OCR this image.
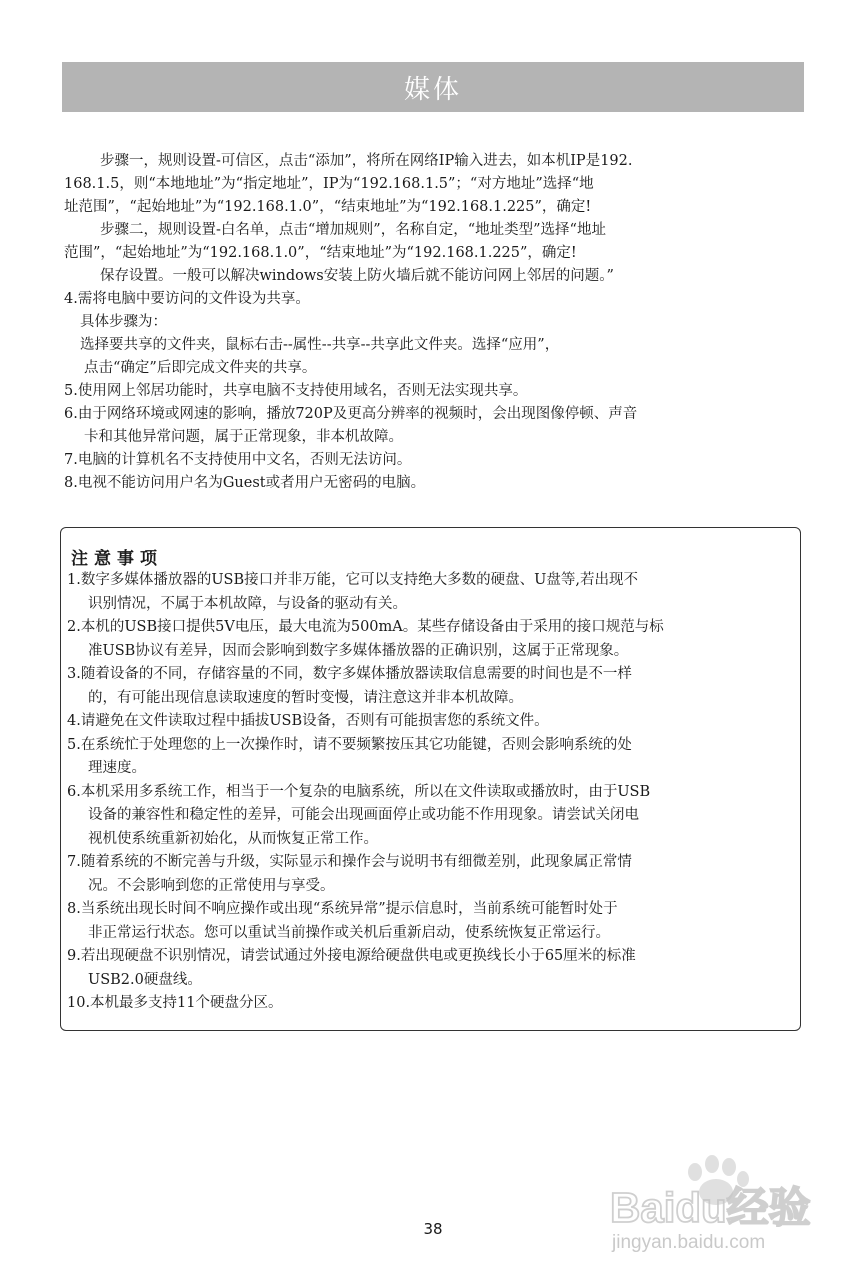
媒体

步骤一，规则设置-可信区，点击“添加”，将所在网络IP输入进去，如本机IP是192.

168.1.5，则“本地地址”为“指定地址”，IP为“192.168.1.5”；“对方地址”选择“地

址范围”，“起始地址”为“192.168.1.0”，“结束地址”为“192.168.1.225”，确定!

步骤二，规则设置-白名单，点击“增加规则”，名称自定，“地址类型”选择“地址

范围”，“起始地址”为“192.168.1.0”，“结束地址”为“192.168.1.225”，确定!

保存设置。一般可以解决windows安装上防火墙后就不能访问网上邻居的问题。”

4.需将电脑中要访问的文件设为共享。

具体步骤为：

选择要共享的文件夹，鼠标右击--属性--共享--共享此文件夹。选择“应用”，

点击“确定”后即完成文件夹的共享。

5.使用网上邻居功能时，共享电脑不支持使用域名，否则无法实现共享。

6.由于网络环境或网速的影响，播放720P及更高分辨率的视频时，会出现图像停顿、声音

卡和其他异常问题，属于正常现象，非本机故障。

7.电脑的计算机名不支持使用中文名，否则无法访问。

8.电视不能访问用户名为Guest或者用户无密码的电脑。

注意事项

1.数字多媒体播放器的USB接口并非万能，它可以支持绝大多数的硬盘、U盘等,若出现不

识别情况，不属于本机故障，与设备的驱动有关。

2.本机的USB接口提供5V电压，最大电流为500mA。某些存储设备由于采用的接口规范与标

准USB协议有差异，因而会影响到数字多媒体播放器的正确识别，这属于正常现象。

3.随着设备的不同，存储容量的不同，数字多媒体播放器读取信息需要的时间也是不一样

的，有可能出现信息读取速度的暂时变慢，请注意这并非本机故障。

4.请避免在文件读取过程中插拔USB设备，否则有可能损害您的系统文件。

5.在系统忙于处理您的上一次操作时，请不要频繁按压其它功能键，否则会影响系统的处

理速度。

6.本机采用多系统工作，相当于一个复杂的电脑系统，所以在文件读取或播放时，由于USB

设备的兼容性和稳定性的差异，可能会出现画面停止或功能不作用现象。请尝试关闭电

视机使系统重新初始化，从而恢复正常工作。

7.随着系统的不断完善与升级，实际显示和操作会与说明书有细微差别，此现象属正常情

况。不会影响到您的正常使用与享受。

8.当系统出现长时间不响应操作或出现“系统异常”提示信息时，当前系统可能暂时处于

非正常运行状态。您可以重试当前操作或关机后重新启动，使系统恢复正常运行。

9.若出现硬盘不识别情况，请尝试通过外接电源给硬盘供电或更换线长小于65厘米的标准

USB2.0硬盘线。

10.本机最多支持11个硬盘分区。

38	Baidu经验
jingyan.baidu.com
